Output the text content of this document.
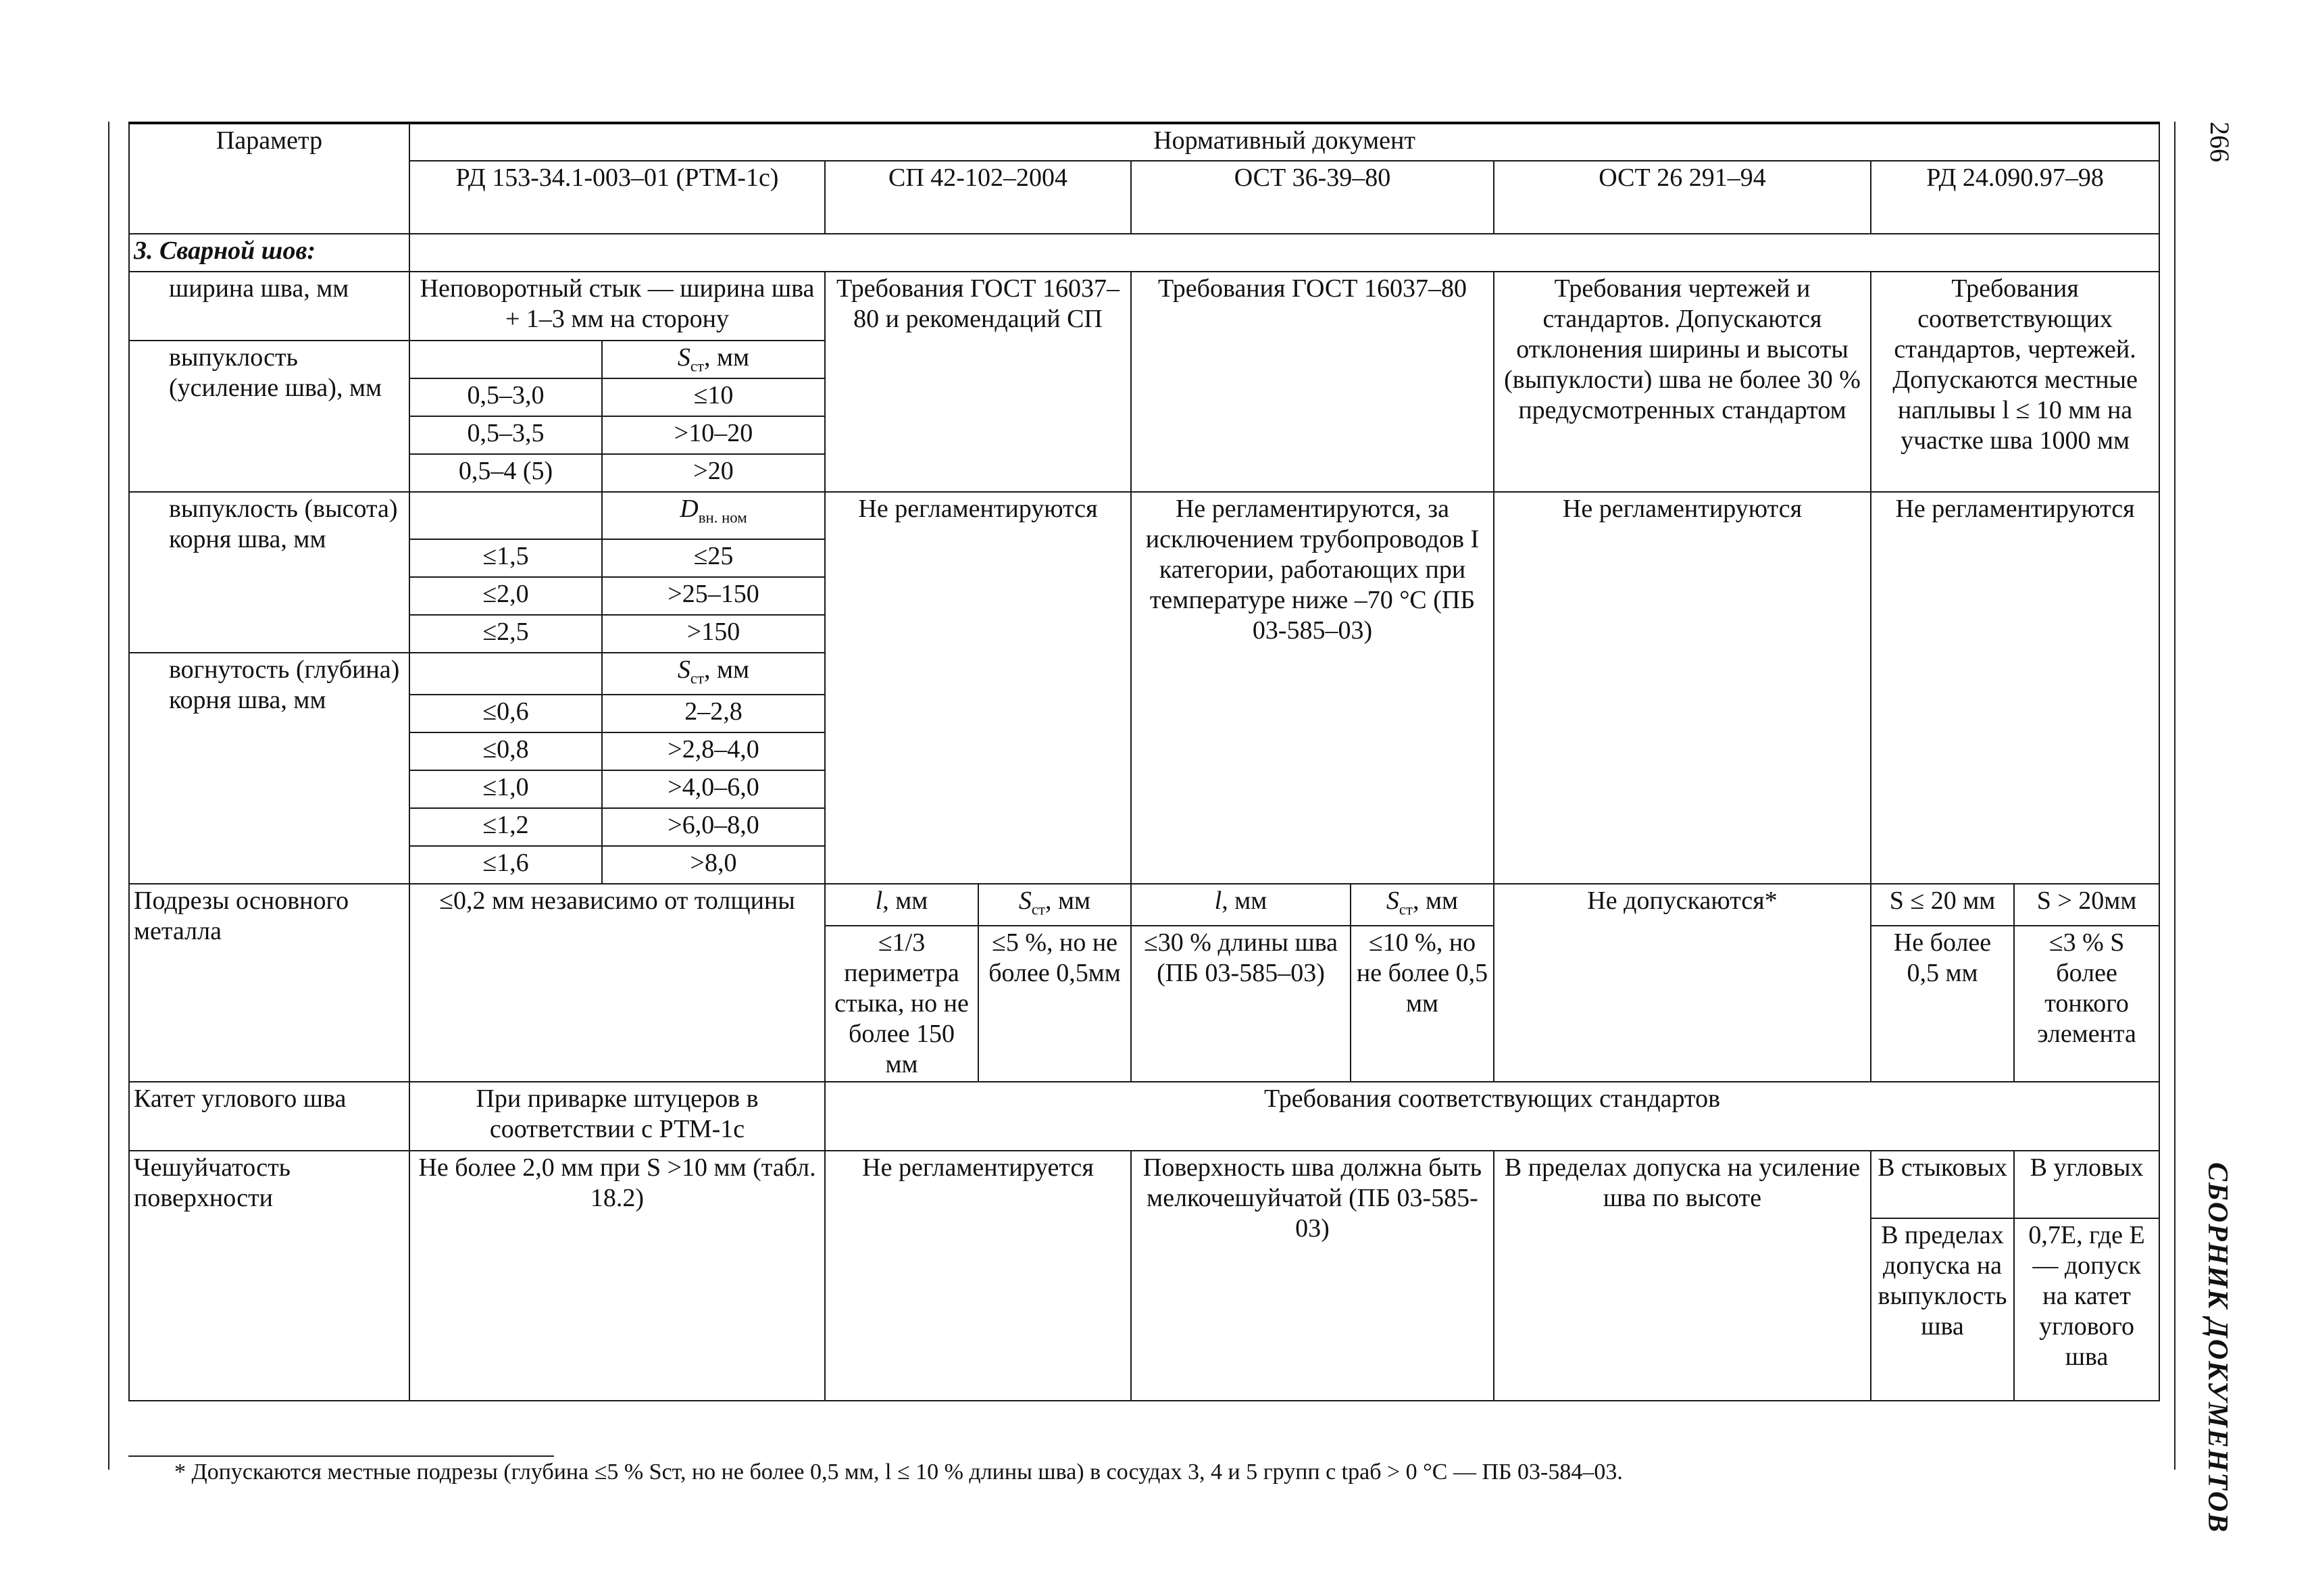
Параметр	Нормативный документ								
	РД 153-34.1-003–01 (РТМ-1с)		СП 42-102–2004		ОСТ 36-39–80		ОСТ 26 291–94	РД 24.090.97–98	
3. Сварной шов:									
ширина шва, мм	Неповоротный стык — ширина шва + 1–3 мм на сторону		Требования ГОСТ 16037–80 и рекомендаций СП		Требования ГОСТ 16037–80		Требования чертежей и стандартов. Допускаются отклонения ширины и высоты (выпуклости) шва не более 30 % предусмотренных стандартом	Требования соответствующих стандартов, чертежей. Допускаются местные наплывы l ≤ 10 мм на участке шва 1000 мм	
выпуклость (усиление шва), мм		$S_{ст}$, мм							
	0,5–3,0	≤10							
	0,5–3,5	>10–20							
	0,5–4 (5)	>20							
выпуклость (высота) корня шва, мм		$D_{вн. ном}$	Не регламентируются		Не регламентируются, за исключением трубопроводов I категории, работающих при температуре ниже –70 °С (ПБ 03-585–03)		Не регламентируются	Не регламентируются	
	≤1,5	≤25							
	≤2,0	>25–150							
	≤2,5	>150							
вогнутость (глубина) корня шва, мм		$S_{ст}$, мм							
	≤0,6	2–2,8							
	≤0,8	>2,8–4,0							
	≤1,0	>4,0–6,0							
	≤1,2	>6,0–8,0							
	≤1,6	>8,0							
Подрезы основного металла	≤0,2 мм независимо от толщины		l, мм	$S_{ст}$, мм	l, мм	$S_{ст}$, мм	Не допускаются*	S ≤ 20 мм	S > 20мм
			≤1/3 периметра стыка, но не более 150 мм	≤5 %, но не более 0,5мм	≤30 % длины шва (ПБ 03-585–03)	≤10 %, но не более 0,5 мм		Не более 0,5 мм	≤3 % S более тонкого элемента
Катет углового шва	При приварке штуцеров в соответствии с РТМ-1с		Требования соответствующих стандартов						
Чешуйчатость поверхности	Не более 2,0 мм при S >10 мм (табл. 18.2)		Не регламентируется		Поверхность шва должна быть мелкочешуйчатой (ПБ 03-585-03)		В пределах допуска на усиление шва по высоте	В стыковых	В угловых
								В пределах допуска на выпуклость шва	0,7E, где E — допуск на катет углового шва
266
СБОРНИК ДОКУМЕНТОВ
* Допускаются местные подрезы (глубина ≤5 % Sст, но не более 0,5 мм, l ≤ 10 % длины шва) в сосудах 3, 4 и 5 групп с tраб > 0 °С — ПБ 03-584–03.
